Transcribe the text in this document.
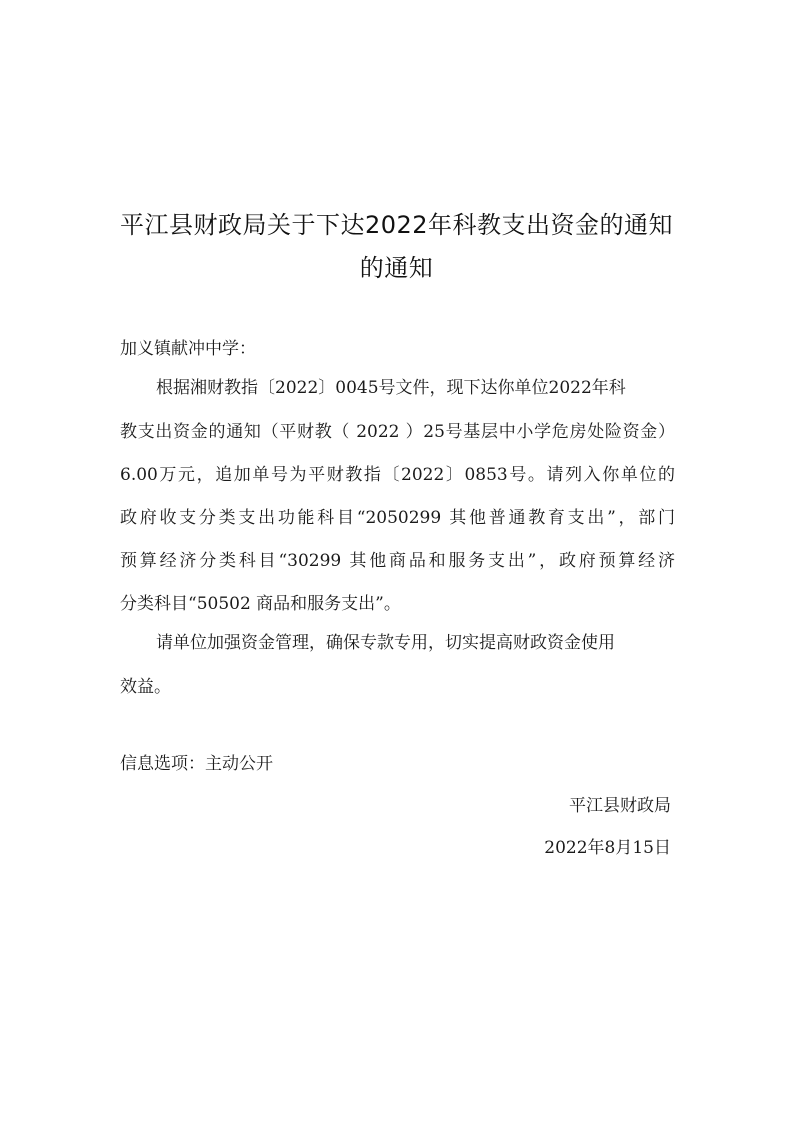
平江县财政局关于下达2022年科教支出资金的通知
的通知
加义镇献冲中学：
根据湘财教指〔2022〕0045号文件，现下达你单位2022年科
教支出资金的通知（平财教（ 2022 ）25号基层中小学危房处险资金）
6.00万元，追加单号为平财教指〔2022〕0853号。请列入你单位的
政府收支分类支出功能科目“2050299 其他普通教育支出”，部门
预算经济分类科目“30299 其他商品和服务支出”，政府预算经济
分类科目“50502 商品和服务支出”。
请单位加强资金管理，确保专款专用，切实提高财政资金使用
效益。
信息选项：主动公开
平江县财政局
2022年8月15日
